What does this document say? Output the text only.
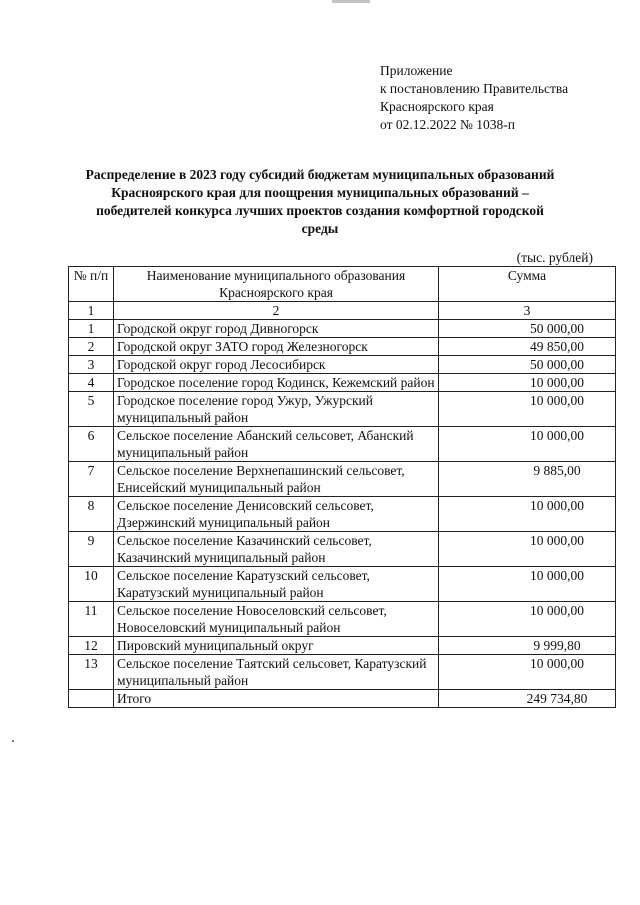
Приложение
к постановлению Правительства
Красноярского края
от 02.12.2022 № 1038-п
Распределение в 2023 году субсидий бюджетам муниципальных образований Красноярского края для поощрения муниципальных образований – победителей конкурса лучших проектов создания комфортной городской среды
(тыс. рублей)
№ п/п	Наименование муниципального образования Красноярского края	Сумма
1	2	3
1	Городской округ город Дивногорск	50 000,00
2	Городской округ ЗАТО город Железногорск	49 850,00
3	Городской округ город Лесосибирск	50 000,00
4	Городское поселение город Кодинск, Кежемский район	10 000,00
5	Городское поселение город Ужур, Ужурский муниципальный район	10 000,00
6	Сельское поселение Абанский сельсовет, Абанский муниципальный район	10 000,00
7	Сельское поселение Верхнепашинский сельсовет, Енисейский муниципальный район	9 885,00
8	Сельское поселение Денисовский сельсовет, Дзержинский муниципальный район	10 000,00
9	Сельское поселение Казачинский сельсовет, Казачинский муниципальный район	10 000,00
10	Сельское поселение Каратузский сельсовет, Каратузский муниципальный район	10 000,00
11	Сельское поселение Новоселовский сельсовет, Новоселовский муниципальный район	10 000,00
12	Пировский муниципальный округ	9 999,80
13	Сельское поселение Таятский сельсовет, Каратузский муниципальный район	10 000,00
	Итого	249 734,80
